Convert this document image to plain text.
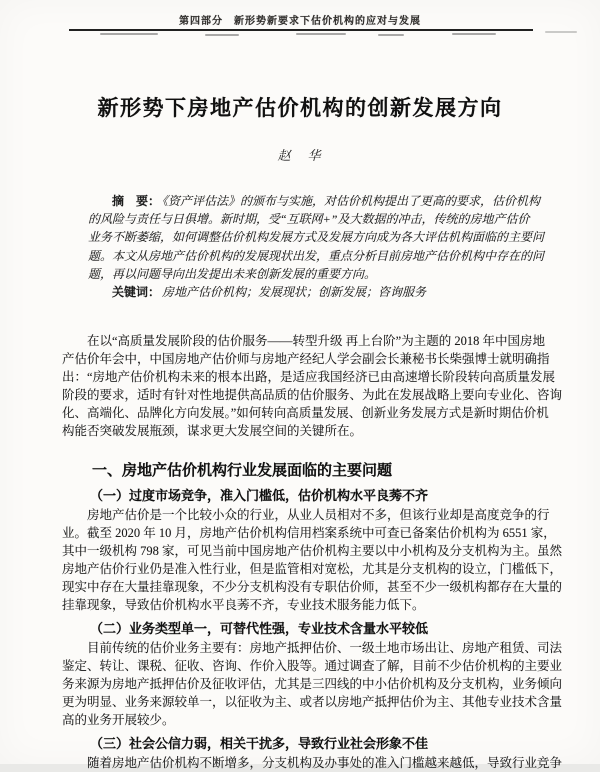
第四部分　新形势新要求下估价机构的应对与发展
新形势下房地产估价机构的创新发展方向
赵　华
摘　要： 《资产评估法》的颁布与实施，对估价机构提出了更高的要求，估价机构
的风险与责任与日俱增。新时期，受“互联网+”及大数据的冲击，传统的房地产估价
业务不断萎缩，如何调整估价机构发展方式及发展方向成为各大评估机构面临的主要问
题。本文从房地产估价机构的发展现状出发，重点分析目前房地产估价机构中存在的问
题，再以问题导向出发提出未来创新发展的重要方向。
关键词： 房地产估价机构；发展现状；创新发展；咨询服务
在以“高质量发展阶段的估价服务——转型升级 再上台阶”为主题的 2018 年中国房地
产估价年会中，中国房地产估价师与房地产经纪人学会副会长兼秘书长柴强博士就明确指
出：“房地产估价机构未来的根本出路，是适应我国经济已由高速增长阶段转向高质量发展
阶段的要求，适时有针对性地提供高品质的估价服务、为此在发展战略上要向专业化、咨询
化、高端化、品牌化方向发展。”如何转向高质量发展、创新业务发展方式是新时期估价机
构能否突破发展瓶颈，谋求更大发展空间的关键所在。
一、房地产估价机构行业发展面临的主要问题
（一）过度市场竞争，准入门槛低，估价机构水平良莠不齐
房地产估价是一个比较小众的行业，从业人员相对不多，但该行业却是高度竞争的行
业。截至 2020 年 10 月，房地产估价机构信用档案系统中可查已备案估价机构为 6551 家，
其中一级机构 798 家，可见当前中国房地产估价机构主要以中小机构及分支机构为主。虽然
房地产估价行业仍是准入性行业，但是监管相对宽松，尤其是分支机构的设立，门槛低下，
现实中存在大量挂靠现象，不少分支机构没有专职估价师，甚至不少一级机构都存在大量的
挂靠现象，导致估价机构水平良莠不齐，专业技术服务能力低下。
（二）业务类型单一，可替代性强，专业技术含量水平较低
目前传统的估价业务主要有：房地产抵押估价、一级土地市场出让、房地产租赁、司法
鉴定、转让、课税、征收、咨询、作价入股等。通过调查了解，目前不少估价机构的主要业
务来源为房地产抵押估价及征收评估，尤其是三四线的中小估价机构及分支机构，业务倾向
更为明显、业务来源较单一，以征收为主、或者以房地产抵押估价为主、其他专业技术含量
高的业务开展较少。
（三）社会公信力弱，相关干扰多，导致行业社会形象不佳
随着房地产估价机构不断增多，分支机构及办事处的准入门槛越来越低，导致行业竞争
